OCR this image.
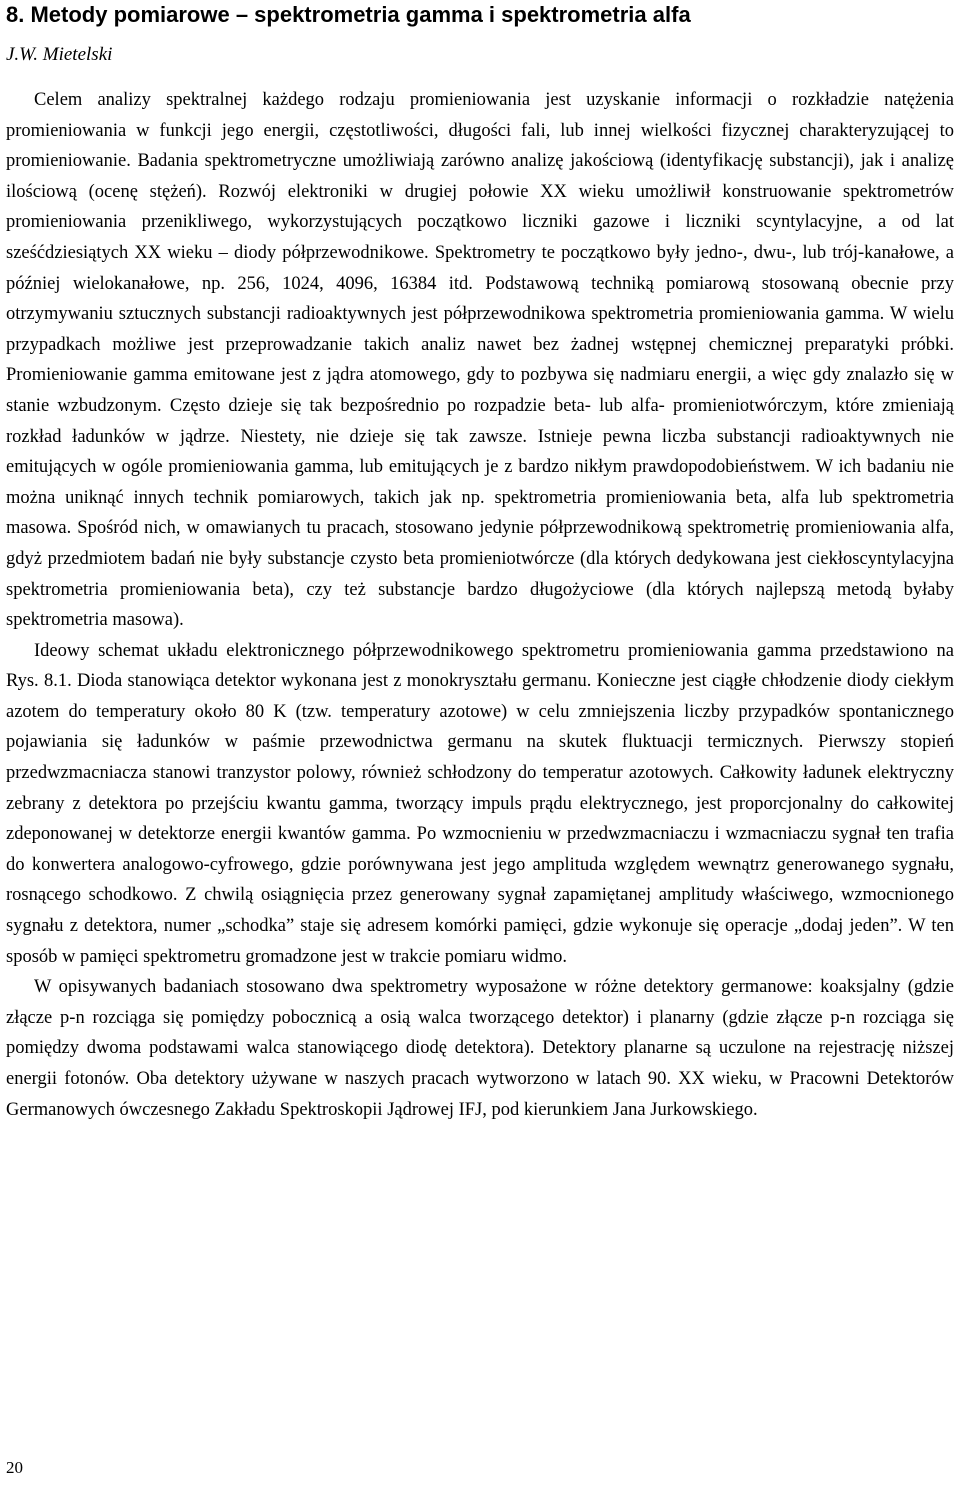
8. Metody pomiarowe – spektrometria gamma i spektrometria alfa
J.W. Mietelski

Celem analizy spektralnej każdego rodzaju promieniowania jest uzyskanie informacji o rozkładzie natężenia promieniowania w funkcji jego energii, częstotliwości, długości fali, lub innej wielkości fizycznej charakteryzującej to promieniowanie. Badania spektrometryczne umożliwiają zarówno analizę jakościową (identyfikację substancji), jak i analizę ilościową (ocenę stężeń). Rozwój elektroniki w drugiej połowie XX wieku umożliwił konstruowanie spektrometrów promieniowania przenikliwego, wykorzystujących początkowo liczniki gazowe i liczniki scyntylacyjne, a od lat sześćdziesiątych XX wieku – diody półprzewodnikowe. Spektrometry te początkowo były jedno-, dwu-, lub trój-kanałowe, a później wielokanałowe, np. 256, 1024, 4096, 16384 itd. Podstawową techniką pomiarową stosowaną obecnie przy otrzymywaniu sztucznych substancji radioaktywnych jest półprzewodnikowa spektrometria promieniowania gamma. W wielu przypadkach możliwe jest przeprowadzanie takich analiz nawet bez żadnej wstępnej chemicznej preparatyki próbki. Promieniowanie gamma emitowane jest z jądra atomowego, gdy to pozbywa się nadmiaru energii, a więc gdy znalazło się w stanie wzbudzonym. Często dzieje się tak bezpośrednio po rozpadzie beta- lub alfa- promieniotwórczym, które zmieniają rozkład ładunków w jądrze. Niestety, nie dzieje się tak zawsze. Istnieje pewna liczba substancji radioaktywnych nie emitujących w ogóle promieniowania gamma, lub emitujących je z bardzo nikłym prawdopodobieństwem. W ich badaniu nie można uniknąć innych technik pomiarowych, takich jak np. spektrometria promieniowania beta, alfa lub spektrometria masowa. Spośród nich, w omawianych tu pracach, stosowano jedynie półprzewodnikową spektrometrię promieniowania alfa, gdyż przedmiotem badań nie były substancje czysto beta promieniotwórcze (dla których dedykowana jest ciekłoscyntylacyjna spektrometria promieniowania beta), czy też substancje bardzo długożyciowe (dla których najlepszą metodą byłaby spektrometria masowa).

Ideowy schemat układu elektronicznego półprzewodnikowego spektrometru promieniowania gamma przedstawiono na Rys. 8.1. Dioda stanowiąca detektor wykonana jest z monokryształu germanu. Konieczne jest ciągłe chłodzenie diody ciekłym azotem do temperatury około 80 K (tzw. temperatury azotowe) w celu zmniejszenia liczby przypadków spontanicznego pojawiania się ładunków w paśmie przewodnictwa germanu na skutek fluktuacji termicznych. Pierwszy stopień przedwzmacniacza stanowi tranzystor polowy, również schłodzony do temperatur azotowych. Całkowity ładunek elektryczny zebrany z detektora po przejściu kwantu gamma, tworzący impuls prądu elektrycznego, jest proporcjonalny do całkowitej zdeponowanej w detektorze energii kwantów gamma. Po wzmocnieniu w przedwzmacniaczu i wzmacniaczu sygnał ten trafia do konwertera analogowo-cyfrowego, gdzie porównywana jest jego amplituda względem wewnątrz generowanego sygnału, rosnącego schodkowo. Z chwilą osiągnięcia przez generowany sygnał zapamiętanej amplitudy właściwego, wzmocnionego sygnału z detektora, numer „schodka” staje się adresem komórki pamięci, gdzie wykonuje się operacje „dodaj jeden”. W ten sposób w pamięci spektrometru gromadzone jest w trakcie pomiaru widmo.

W opisywanych badaniach stosowano dwa spektrometry wyposażone w różne detektory germanowe: koaksjalny (gdzie złącze p-n rozciąga się pomiędzy pobocznicą a osią walca tworzącego detektor) i planarny (gdzie złącze p-n rozciąga się pomiędzy dwoma podstawami walca stanowiącego diodę detektora). Detektory planarne są uczulone na rejestrację niższej energii fotonów. Oba detektory używane w naszych pracach wytworzono w latach 90. XX wieku, w Pracowni Detektorów Germanowych ówczesnego Zakładu Spektroskopii Jądrowej IFJ, pod kierunkiem Jana Jurkowskiego.

20
